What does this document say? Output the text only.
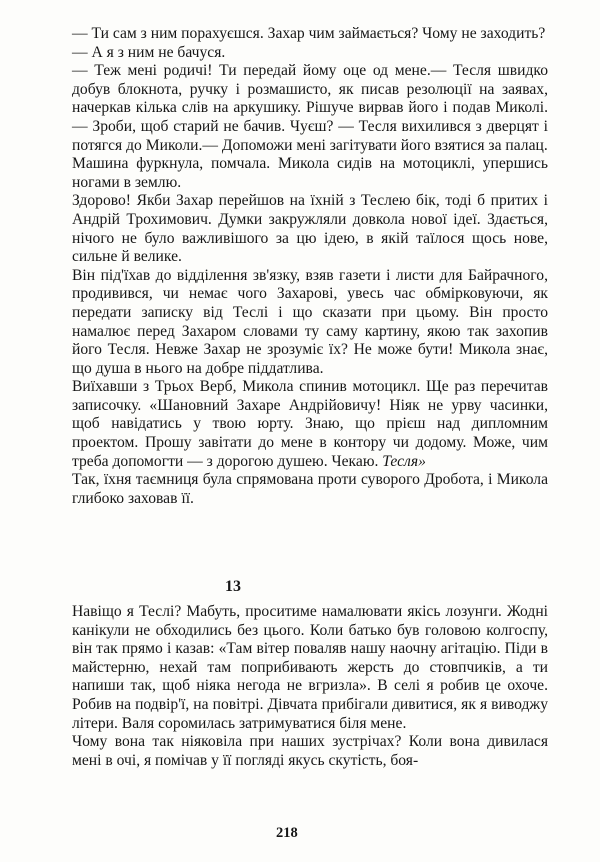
— Ти сам з ним порахуєшся. Захар чим займається? Чому не заходить?

— А я з ним не бачуся.

— Теж мені родичі! Ти передай йому оце од мене.— Тесля швидко добув блокнота, ручку і розмашисто, як писав резолюції на заявах, начеркав кілька слів на аркушику. Рішуче вирвав його і подав Миколі.— Зроби, щоб старий не бачив. Чуєш? — Тесля вихилився з дверцят і потягся до Миколи.— Допоможи мені загітувати його взятися за палац.

Машина фуркнула, помчала. Микола сидів на мотоциклі, упершись ногами в землю.

Здорово! Якби Захар перейшов на їхній з Теслею бік, тоді б притих і Андрій Трохимович. Думки закружляли довкола нової ідеї. Здається, нічого не було важливішого за цю ідею, в якій таїлося щось нове, сильне й велике.

Він під'їхав до відділення зв'язку, взяв газети і листи для Байрачного, продивився, чи немає чого Захарові, увесь час обмірковуючи, як передати записку від Теслі і що сказати при цьому. Він просто намалює перед Захаром словами ту саму картину, якою так захопив його Тесля. Невже Захар не зрозуміє їх? Не може бути! Микола знає, що душа в нього на добре піддатлива.

Виїхавши з Трьох Верб, Микола спинив мотоцикл. Ще раз перечитав записочку. «Шановний Захаре Андрійовичу! Ніяк не урву часинки, щоб навідатись у твою юрту. Знаю, що прієш над дипломним проектом. Прошу завітати до мене в контору чи додому. Може, чим треба допомогти — з дорогою душею. Чекаю. Тесля»

Так, їхня таємниця була спрямована проти суворого Дробота, і Микола глибоко заховав її.

13

Навіщо я Теслі? Мабуть, проситиме намалювати якісь лозунги. Жодні канікули не обходились без цього. Коли батько був головою колгоспу, він так прямо і казав: «Там вітер поваляв нашу наочну агітацію. Піди в майстерню, нехай там поприбивають жерсть до стовпчиків, а ти напиши так, щоб ніяка негода не вгризла». В селі я робив це охоче. Робив на подвір'ї, на повітрі. Дівчата прибігали дивитися, як я виводжу літери. Валя соромилась затримуватися біля мене.

Чому вона так ніяковіла при наших зустрічах? Коли вона дивилася мені в очі, я помічав у її погляді якусь скутість, боя-

218
